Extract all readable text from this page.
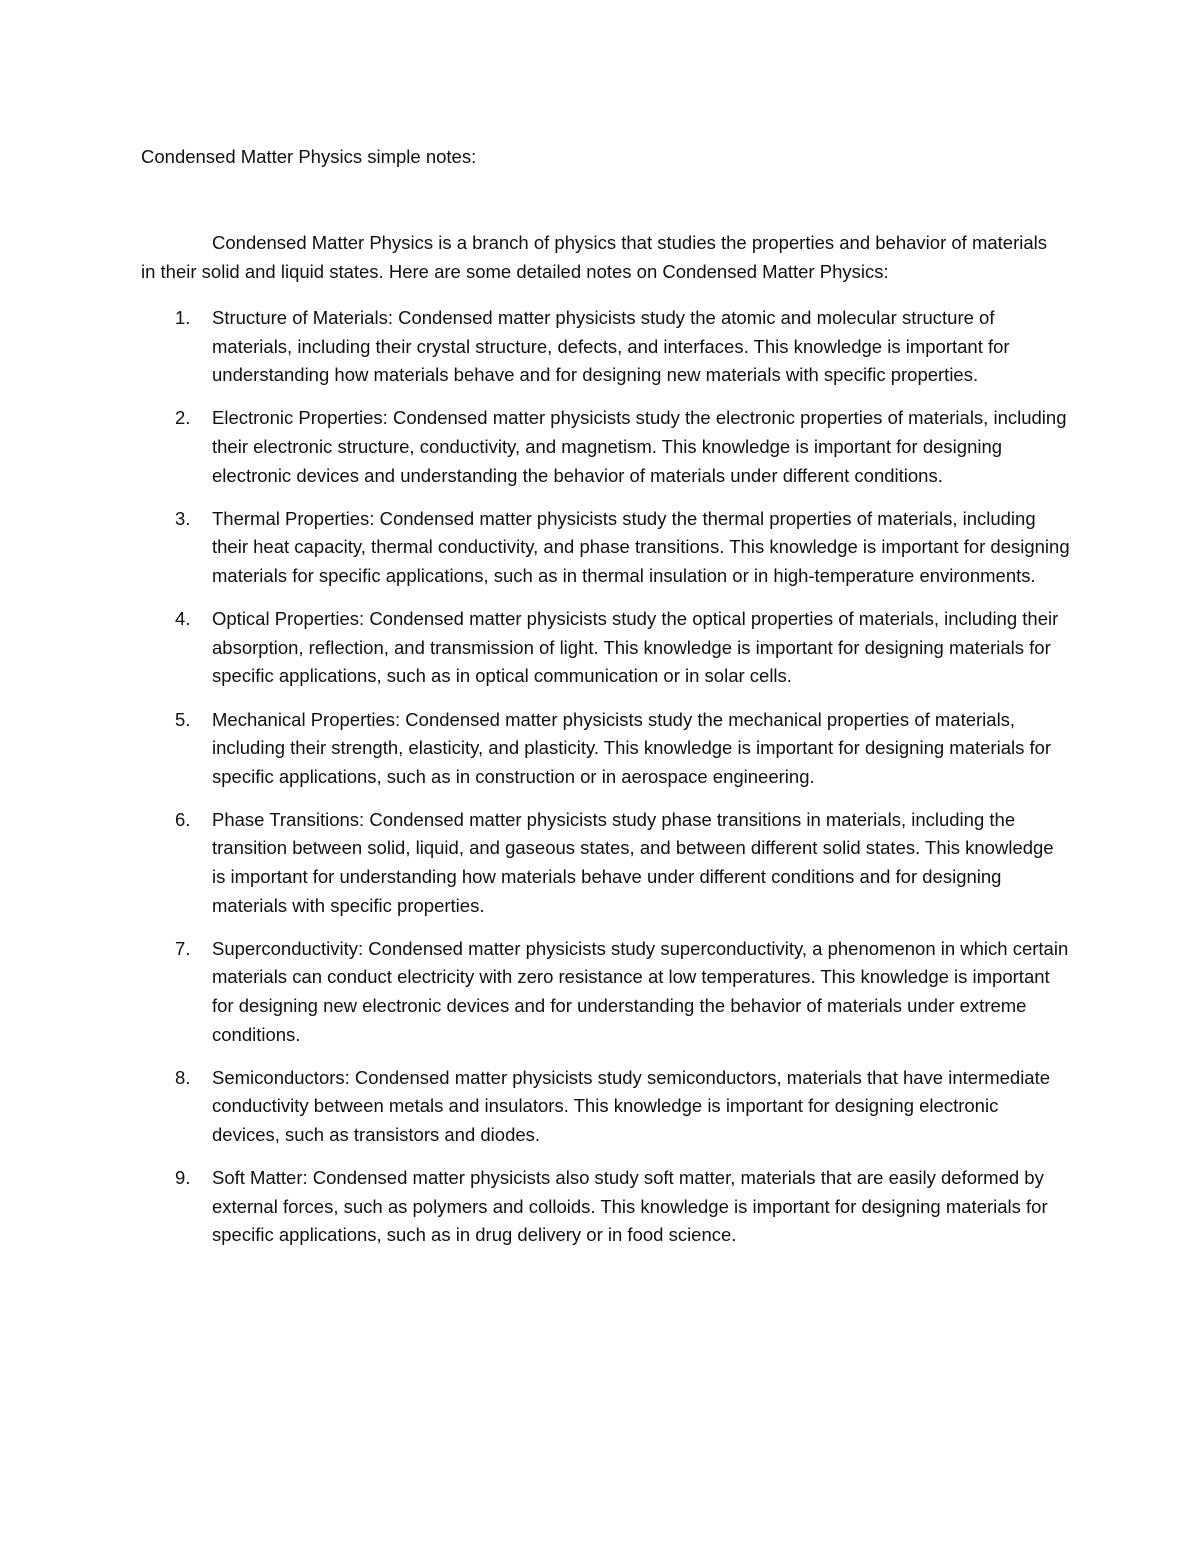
Condensed Matter Physics simple notes:

Condensed Matter Physics is a branch of physics that studies the properties and behavior of materials in their solid and liquid states. Here are some detailed notes on Condensed Matter Physics:

1.	Structure of Materials: Condensed matter physicists study the atomic and molecular structure of materials, including their crystal structure, defects, and interfaces. This knowledge is important for understanding how materials behave and for designing new materials with specific properties.
2.	Electronic Properties: Condensed matter physicists study the electronic properties of materials, including their electronic structure, conductivity, and magnetism. This knowledge is important for designing electronic devices and understanding the behavior of materials under different conditions.
3.	Thermal Properties: Condensed matter physicists study the thermal properties of materials, including their heat capacity, thermal conductivity, and phase transitions. This knowledge is important for designing materials for specific applications, such as in thermal insulation or in high-temperature environments.
4.	Optical Properties: Condensed matter physicists study the optical properties of materials, including their absorption, reflection, and transmission of light. This knowledge is important for designing materials for specific applications, such as in optical communication or in solar cells.
5.	Mechanical Properties: Condensed matter physicists study the mechanical properties of materials, including their strength, elasticity, and plasticity. This knowledge is important for designing materials for specific applications, such as in construction or in aerospace engineering.
6.	Phase Transitions: Condensed matter physicists study phase transitions in materials, including the transition between solid, liquid, and gaseous states, and between different solid states. This knowledge is important for understanding how materials behave under different conditions and for designing materials with specific properties.
7.	Superconductivity: Condensed matter physicists study superconductivity, a phenomenon in which certain materials can conduct electricity with zero resistance at low temperatures. This knowledge is important for designing new electronic devices and for understanding the behavior of materials under extreme conditions.
8.	Semiconductors: Condensed matter physicists study semiconductors, materials that have intermediate conductivity between metals and insulators. This knowledge is important for designing electronic devices, such as transistors and diodes.
9.	Soft Matter: Condensed matter physicists also study soft matter, materials that are easily deformed by external forces, such as polymers and colloids. This knowledge is important for designing materials for specific applications, such as in drug delivery or in food science.
